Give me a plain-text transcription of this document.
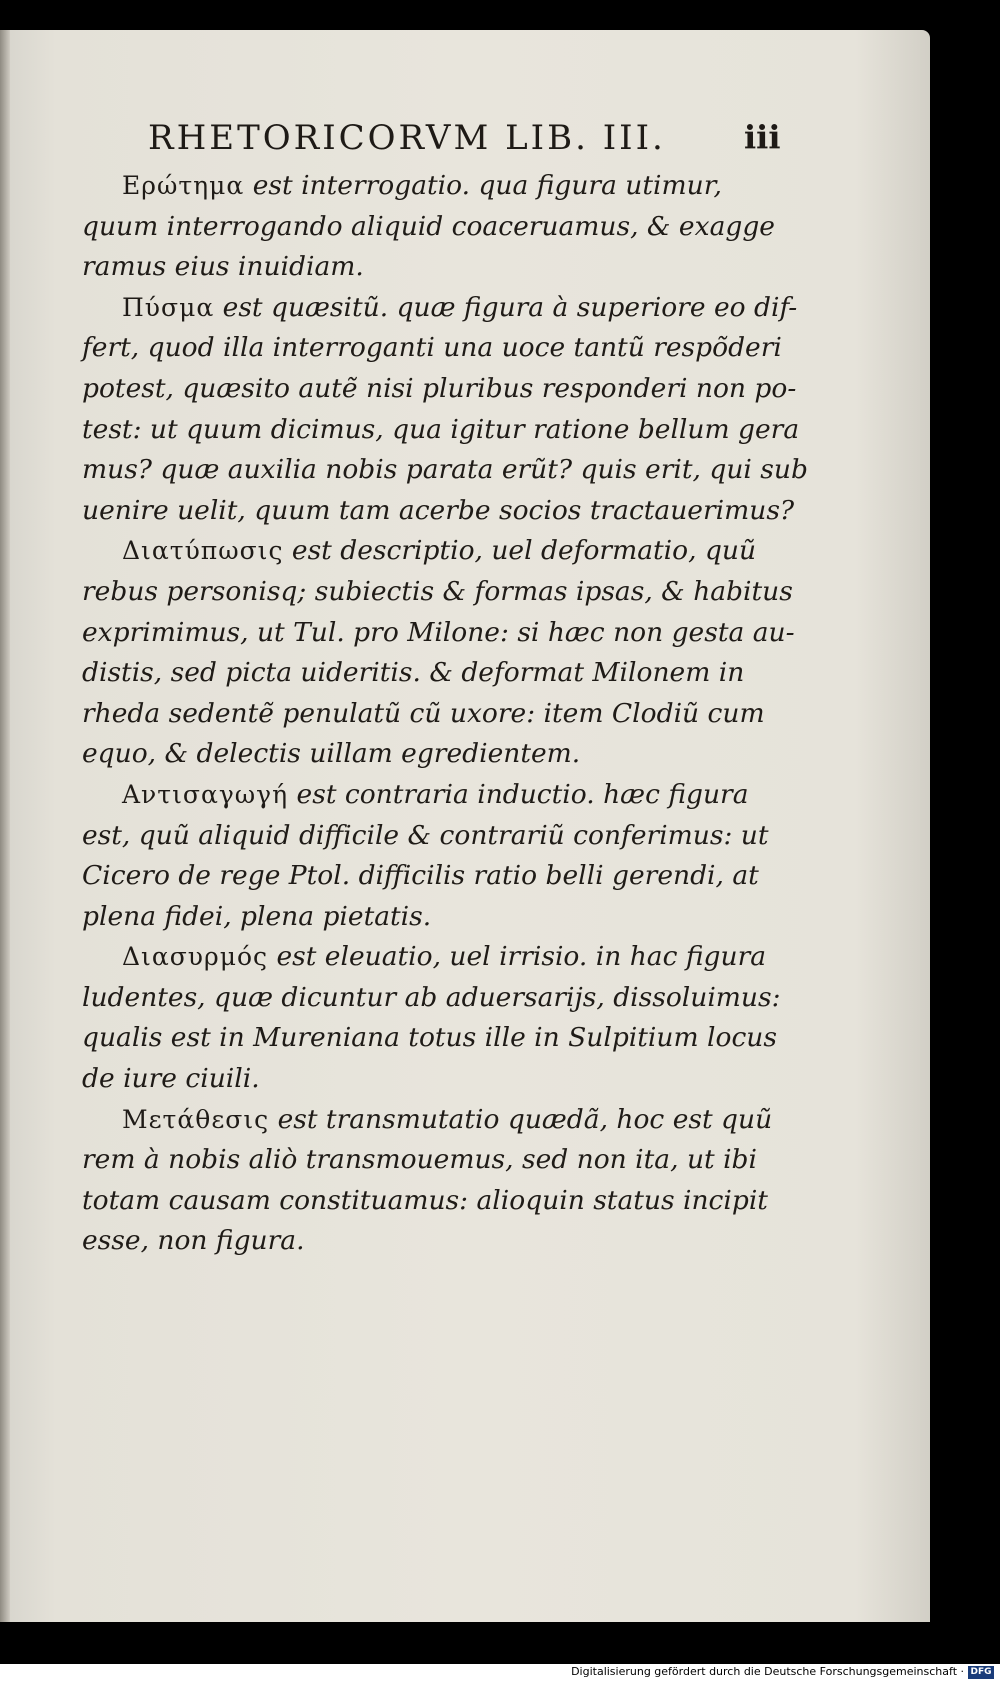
RHETORICORVM LIB. III. iii
Ερώτημα est interrogatio. qua figura utimur,
quum interrogando aliquid coaceruamus, & exagge
ramus eius inuidiam.
Πύσμα est quæsitũ. quæ figura à superiore eo dif-
fert, quod illa interroganti una uoce tantũ respõderi
potest, quæsito autẽ nisi pluribus responderi non po-
test: ut quum dicimus, qua igitur ratione bellum gera
mus? quæ auxilia nobis parata erũt? quis erit, qui sub
uenire uelit, quum tam acerbe socios tractauerimus?
Διατύπωσις est descriptio, uel deformatio, quũ
rebus personisq; subiectis & formas ipsas, & habitus
exprimimus, ut Tul. pro Milone: si hæc non gesta au-
distis, sed picta uideritis. & deformat Milonem in
rheda sedentẽ penulatũ cũ uxore: item Clodiũ cum
equo, & delectis uillam egredientem.
Αντισαγωγή est contraria inductio. hæc figura
est, quũ aliquid difficile & contrariũ conferimus: ut
Cicero de rege Ptol. difficilis ratio belli gerendi, at
plena fidei, plena pietatis.
Διασυρμός est eleuatio, uel irrisio. in hac figura
ludentes, quæ dicuntur ab aduersarijs, dissoluimus:
qualis est in Mureniana totus ille in Sulpitium locus
de iure ciuili.
Μετάθεσις est transmutatio quædã, hoc est quũ
rem à nobis aliò transmouemus, sed non ita, ut ibi
totam causam constituamus: alioquin status incipit
esse, non figura.
Digitalisierung gefördert durch die Deutsche Forschungsgemeinschaft · DFG
